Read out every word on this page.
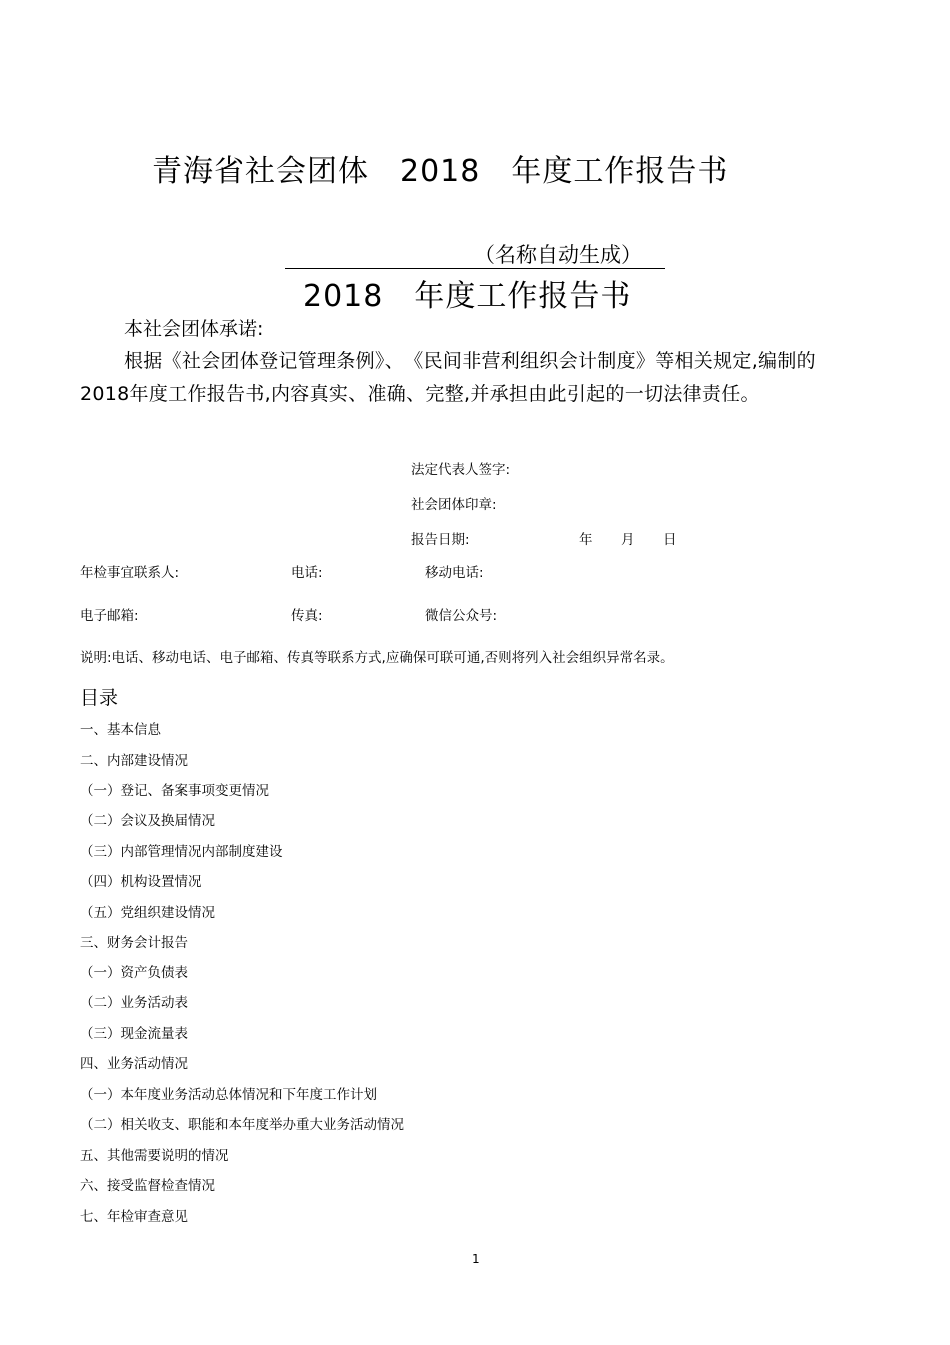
青海省社会团体　2018　年度工作报告书
（名称自动生成）
2018　年度工作报告书
本社会团体承诺:
根据《社会团体登记管理条例》、　《民间非营利组织会计制度》等相关规定,编制的 2018年度工作报告书,内容真实、准确、完整,并承担由此引起的一切法律责任。
法定代表人签字:
社会团体印章:
报告日期:	年 月 日
年检事宜联系人:	电话:	移动电话:
电子邮箱:	传真:	微信公众号:
说明:电话、移动电话、电子邮箱、传真等联系方式,应确保可联可通,否则将列入社会组织异常名录。
目录
一、基本信息
二、内部建设情况
（一）登记、备案事项变更情况
（二）会议及换届情况
（三）内部管理情况内部制度建设
（四）机构设置情况
（五）党组织建设情况
三、财务会计报告
（一）资产负债表
（二）业务活动表
（三）现金流量表
四、业务活动情况
（一）本年度业务活动总体情况和下年度工作计划
（二）相关收支、职能和本年度举办重大业务活动情况
五、其他需要说明的情况
六、接受监督检查情况
七、年检审查意见
1
